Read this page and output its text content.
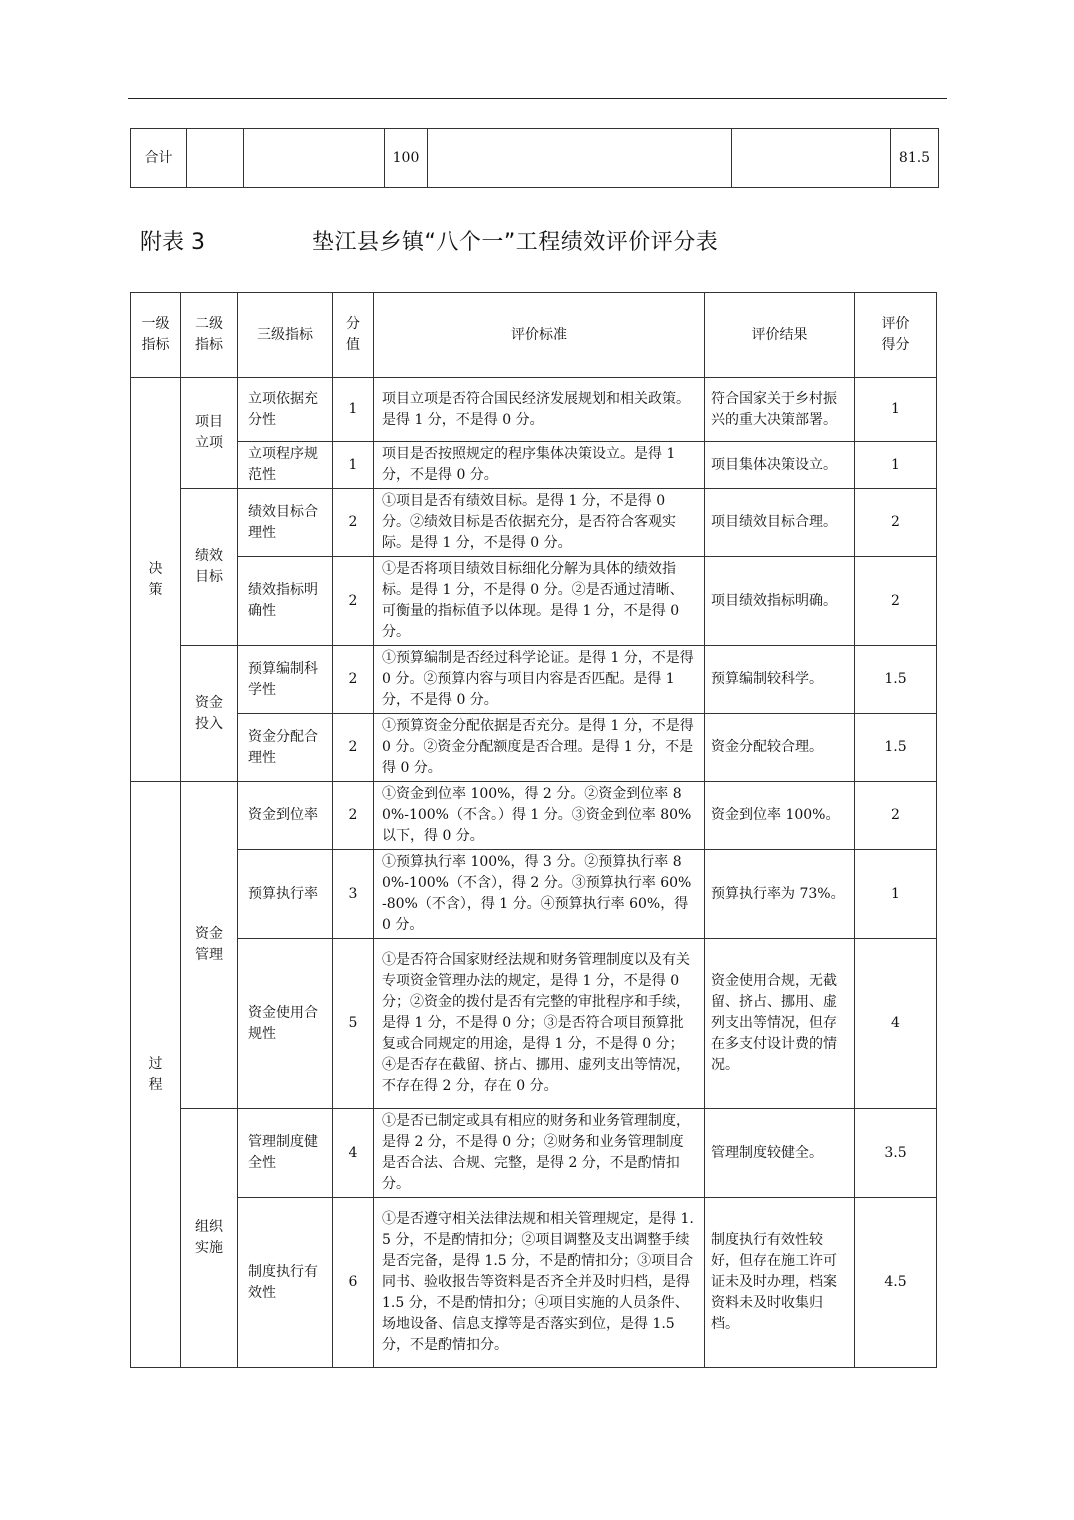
合计			100			81.5
附表 3	垫江县乡镇“八个一”工程绩效评价评分表
一级指标	二级指标	三级指标	分值	评价标准	评价结果	评价得分
决策	项目立项	立项依据充分性	1	项目立项是否符合国民经济发展规划和相关政策。是得 1 分，不是得 0 分。	符合国家关于乡村振兴的重大决策部署。	1
		立项程序规范性	1	项目是否按照规定的程序集体决策设立。是得 1 分，不是得 0 分。	项目集体决策设立。	1
	绩效目标	绩效目标合理性	2	①项目是否有绩效目标。是得 1 分，不是得 0 分。②绩效目标是否依据充分，是否符合客观实际。是得 1 分，不是得 0 分。	项目绩效目标合理。	2
		绩效指标明确性	2	①是否将项目绩效目标细化分解为具体的绩效指标。是得 1 分，不是得 0 分。②是否通过清晰、可衡量的指标值予以体现。是得 1 分，不是得 0 分。	项目绩效指标明确。	2
	资金投入	预算编制科学性	2	①预算编制是否经过科学论证。是得 1 分，不是得 0 分。②预算内容与项目内容是否匹配。是得 1 分，不是得 0 分。	预算编制较科学。	1.5
		资金分配合理性	2	①预算资金分配依据是否充分。是得 1 分，不是得 0 分。②资金分配额度是否合理。是得 1 分，不是得 0 分。	资金分配较合理。	1.5
过程	资金管理	资金到位率	2	①资金到位率 100%，得 2 分。②资金到位率 80%-100%（不含。）得 1 分。③资金到位率 80%以下，得 0 分。	资金到位率 100%。	2
		预算执行率	3	①预算执行率 100%，得 3 分。②预算执行率 80%-100%（不含），得 2 分。③预算执行率 60%-80%（不含），得 1 分。④预算执行率 60%，得 0 分。	预算执行率为 73%。	1
		资金使用合规性	5	①是否符合国家财经法规和财务管理制度以及有关专项资金管理办法的规定，是得 1 分，不是得 0 分；②资金的拨付是否有完整的审批程序和手续，是得 1 分，不是得 0 分；③是否符合项目预算批复或合同规定的用途，是得 1 分，不是得 0 分；④是否存在截留、挤占、挪用、虚列支出等情况，不存在得 2 分，存在 0 分。	资金使用合规，无截留、挤占、挪用、虚列支出等情况，但存在多支付设计费的情况。	4
	组织实施	管理制度健全性	4	①是否已制定或具有相应的财务和业务管理制度，是得 2 分，不是得 0 分；②财务和业务管理制度是否合法、合规、完整，是得 2 分，不是酌情扣分。	管理制度较健全。	3.5
		制度执行有效性	6	①是否遵守相关法律法规和相关管理规定，是得 1.5 分，不是酌情扣分；②项目调整及支出调整手续是否完备，是得 1.5 分，不是酌情扣分；③项目合同书、验收报告等资料是否齐全并及时归档，是得 1.5 分，不是酌情扣分；④项目实施的人员条件、场地设备、信息支撑等是否落实到位，是得 1.5 分，不是酌情扣分。	制度执行有效性较好，但存在施工许可证未及时办理，档案资料未及时收集归档。	4.5
